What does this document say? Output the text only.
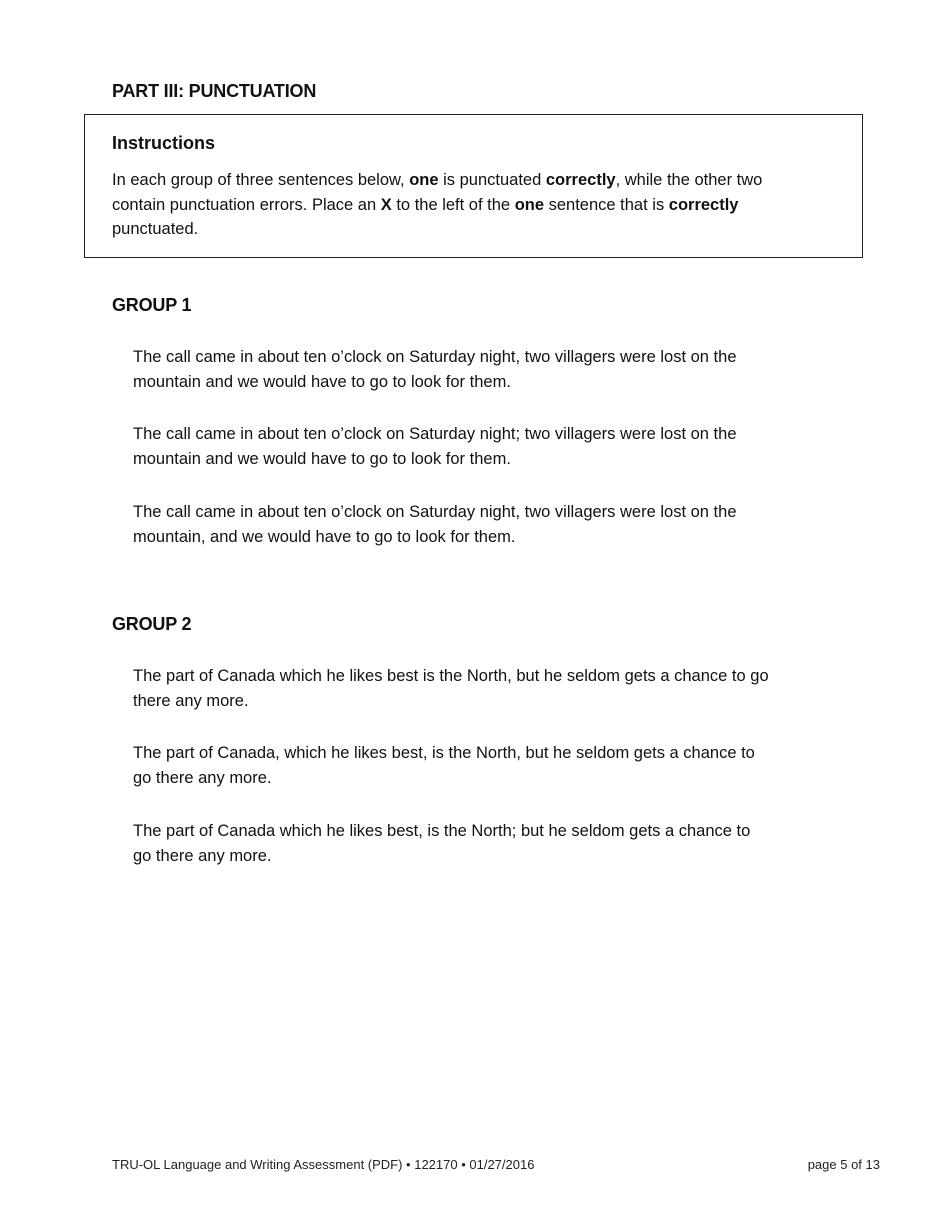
PART III: PUNCTUATION
Instructions

In each group of three sentences below, one is punctuated correctly, while the other two contain punctuation errors. Place an X to the left of the one sentence that is correctly punctuated.

GROUP 1

The call came in about ten o’clock on Saturday night, two villagers were lost on the mountain and we would have to go to look for them.

The call came in about ten o’clock on Saturday night; two villagers were lost on the mountain and we would have to go to look for them.

The call came in about ten o’clock on Saturday night, two villagers were lost on the mountain, and we would have to go to look for them.

GROUP 2

The part of Canada which he likes best is the North, but he seldom gets a chance to go there any more.

The part of Canada, which he likes best, is the North, but he seldom gets a chance to go there any more.

The part of Canada which he likes best, is the North; but he seldom gets a chance to go there any more.

TRU-OL Language and Writing Assessment (PDF) • 122170 • 01/27/2016	page 5 of 13
